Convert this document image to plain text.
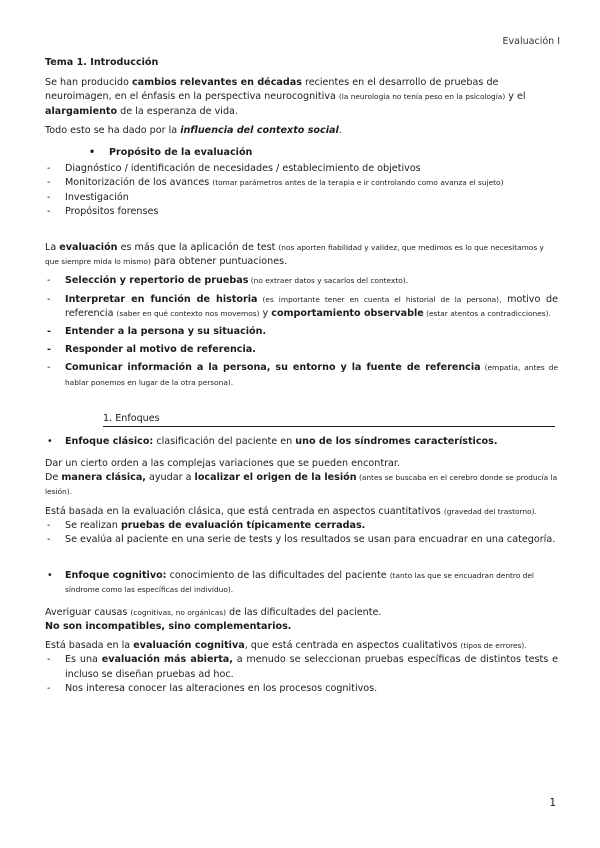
Evaluación I

Tema 1. Introducción

Se han producido cambios relevantes en décadas recientes en el desarrollo de pruebas de neuroimagen, en el énfasis en la perspectiva neurocognitiva (la neurología no tenía peso en la psicología) y el alargamiento de la esperanza de vida.

Todo esto se ha dado por la influencia del contexto social.

• Propósito de la evaluación

- Diagnóstico / identificación de necesidades / establecimiento de objetivos
- Monitorización de los avances (tomar parámetros antes de la terapia e ir controlando como avanza el sujeto)
- Investigación
- Propósitos forenses

La evaluación es más que la aplicación de test (nos aporten fiabilidad y validez, que medimos es lo que necesitamos y que siempre mida lo mismo) para obtener puntuaciones.

- Selección y repertorio de pruebas (no extraer datos y sacarlos del contexto).
- Interpretar en función de historia (es importante tener en cuenta el historial de la persona), motivo de referencia (saber en qué contexto nos movemos) y comportamiento observable (estar atentos a contradicciones).
- Entender a la persona y su situación.
- Responder al motivo de referencia.
- Comunicar información a la persona, su entorno y la fuente de referencia (empatía, antes de hablar ponemos en lugar de la otra persona).
1. Enfoques
• Enfoque clásico: clasificación del paciente en uno de los síndromes característicos.

Dar un cierto orden a las complejas variaciones que se pueden encontrar.

De manera clásica, ayudar a localizar el origen de la lesión (antes se buscaba en el cerebro donde se producía la lesión).

Está basada en la evaluación clásica, que está centrada en aspectos cuantitativos (gravedad del trastorno).

- Se realizan pruebas de evaluación típicamente cerradas.
- Se evalúa al paciente en una serie de tests y los resultados se usan para encuadrar en una categoría.
• Enfoque cognitivo: conocimiento de las dificultades del paciente (tanto las que se encuadran dentro del síndrome como las específicas del individuo).

Averiguar causas (cognitivas, no orgánicas) de las dificultades del paciente.

No son incompatibles, sino complementarios.

Está basada en la evaluación cognitiva, que está centrada en aspectos cualitativos (tipos de errores).

- Es una evaluación más abierta, a menudo se seleccionan pruebas específicas de distintos tests e incluso se diseñan pruebas ad hoc.
- Nos interesa conocer las alteraciones en los procesos cognitivos.
1
